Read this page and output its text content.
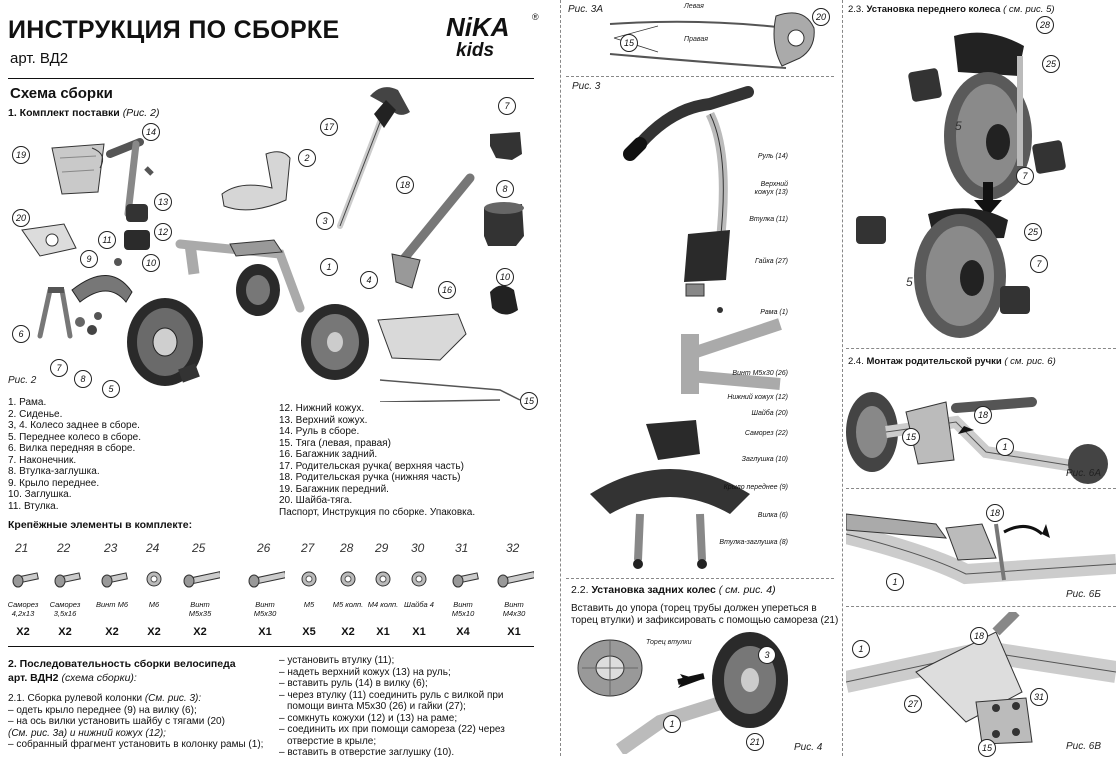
ИНСТРУКЦИЯ ПО СБОРКЕ
арт. ВД2
NiKA
kids
®
Схема сборки
1. Комплект поставки (Рис. 2)
14
19	2
17
7
13
18
20
12
3
8
11
9	10	1
4
16
10
6
7
8
5
15
Рис. 2
1. Рама.
2. Сиденье.
3, 4. Колесо заднее в сборе.
5. Переднее колесо в сборе.
6. Вилка передняя в сборе.
7. Наконечник.
8. Втулка-заглушка.
9. Крыло переднее.
10. Заглушка.
11. Втулка.
12. Нижний кожух.
13. Верхний кожух.
14. Руль в сборе.
15. Тяга (левая, правая)
16. Багажник задний.
17. Родительская ручка( верхняя часть)
18. Родительская ручка (нижняя часть)
19. Багажник передний.
20. Шайба-тяга.
Паспорт, Инструкция по сборке. Упаковка.
Крепёжные элементы в комплекте:
21
Саморез 4,2х13
X2
22
Саморез 3,5х16
X2
23
Винт М6
X2
24
М6
X2
25
Винт М5х35
X2
26
Винт М5х30
X1
27
М5
X5
28
М5 колп.
X2
29
М4 колп.
X1
30
Шайба 4
X1
31
Винт М5х10
X4
32
Винт М4х30
X1
2. Последовательность сборки велосипеда
арт. ВДН2 (схема сборки):
2.1. Сборка рулевой колонки (См. рис. 3):
– одеть крыло переднее (9) на вилку (6);
– на ось вилки установить шайбу с тягами (20)
(См. рис. 3а) и нижний кожух (12);
– собранный фрагмент установить в колонку рамы (1);
– установить втулку (11);
– надеть верхний кожух (13) на руль;
– вставить руль (14) в вилку (6);
– через втулку (11) соединить руль с вилкой при
помощи винта М5х30 (26) и гайки (27);
– сомкнуть кожухи (12) и (13) на раме;
– соединить их при помощи самореза (22) через
отверстие в крыле;
– вставить в отверстие заглушку (10).
Рис. 3А	Левая
Правая
15
20
Рис. 3
Руль (14)
Верхний кожух (13)
Втулка (11)
Гайка (27)
Рама (1)
Винт М5х30 (26)
Нижний кожух (12)
Шайба (20)
Саморез (22)
Заглушка (10)
Крыло переднее (9)
Вилка (6)
Втулка-заглушка (8)
2.2. Установка задних колес ( см. рис. 4)
Вставить до упора (торец трубы должен упереться в
торец втулки) и зафиксировать с помощью самореза (21)
Торец втулки
3
1
21	Рис. 4
2.3. Установка переднего колеса ( см. рис. 5)
28
25
5
7
25
7
5
2.4. Монтаж родительской ручки ( см. рис. 6)
18
15
1
Рис. 6А
18
1
Рис. 6Б
18
1
31
27
15	Рис. 6В
